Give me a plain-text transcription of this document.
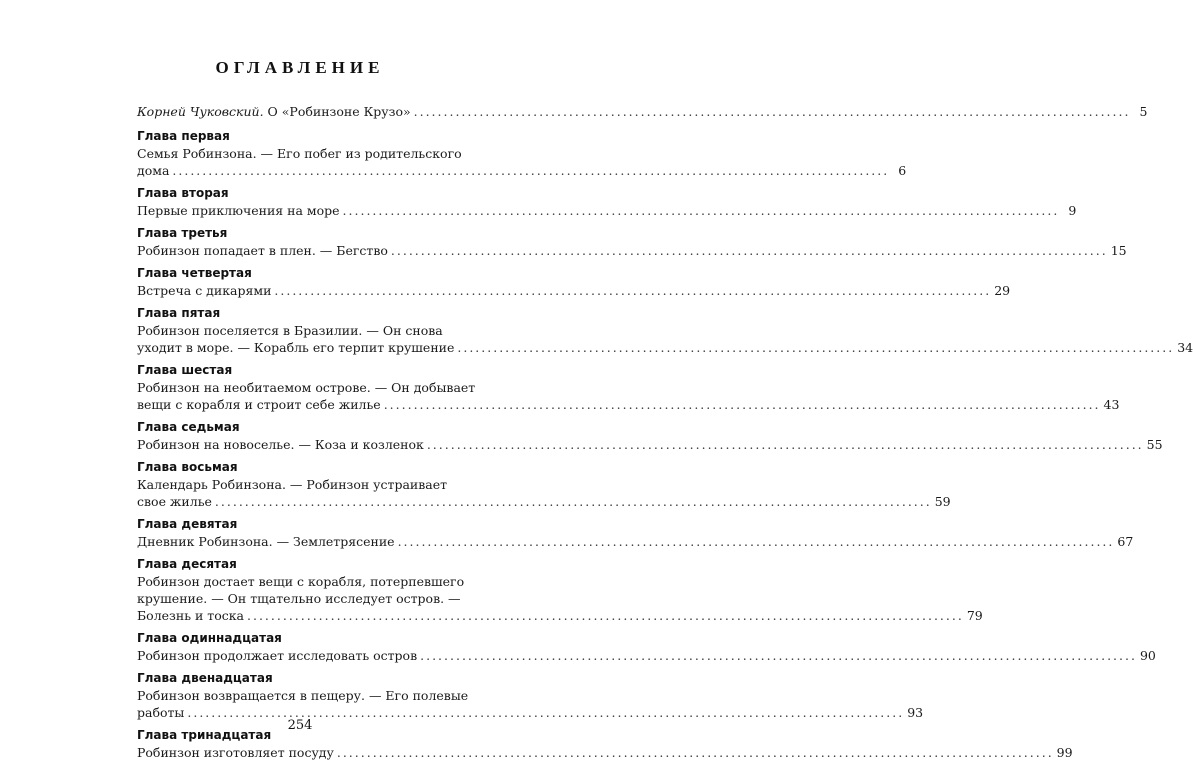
ОГЛАВЛЕНИЕ
Корней Чуковский. О «Робинзоне Крузо» ........................................................................................................................ 5
Глава первая
Семья Робинзона. — Его побег из родительского
дома ........................................................................................................................ 6
Глава вторая
Первые приключения на море ........................................................................................................................ 9
Глава третья
Робинзон попадает в плен. — Бегство ........................................................................................................................ 15
Глава четвертая
Встреча с дикарями ........................................................................................................................ 29
Глава пятая
Робинзон поселяется в Бразилии. — Он снова
уходит в море. — Корабль его терпит крушение ........................................................................................................................ 34
Глава шестая
Робинзон на необитаемом острове. — Он добывает
вещи с корабля и строит себе жилье ........................................................................................................................ 43
Глава седьмая
Робинзон на новоселье. — Коза и козленок ........................................................................................................................ 55
Глава восьмая
Календарь Робинзона. — Робинзон устраивает
свое жилье ........................................................................................................................ 59
Глава девятая
Дневник Робинзона. — Землетрясение ........................................................................................................................ 67
Глава десятая
Робинзон достает вещи с корабля, потерпевшего
крушение. — Он тщательно исследует остров. —
Болезнь и тоска ........................................................................................................................ 79
Глава одиннадцатая
Робинзон продолжает исследовать остров ........................................................................................................................ 90
Глава двенадцатая
Робинзон возвращается в пещеру. — Его полевые
работы ........................................................................................................................ 93
Глава тринадцатая
Робинзон изготовляет посуду ........................................................................................................................ 99
254
